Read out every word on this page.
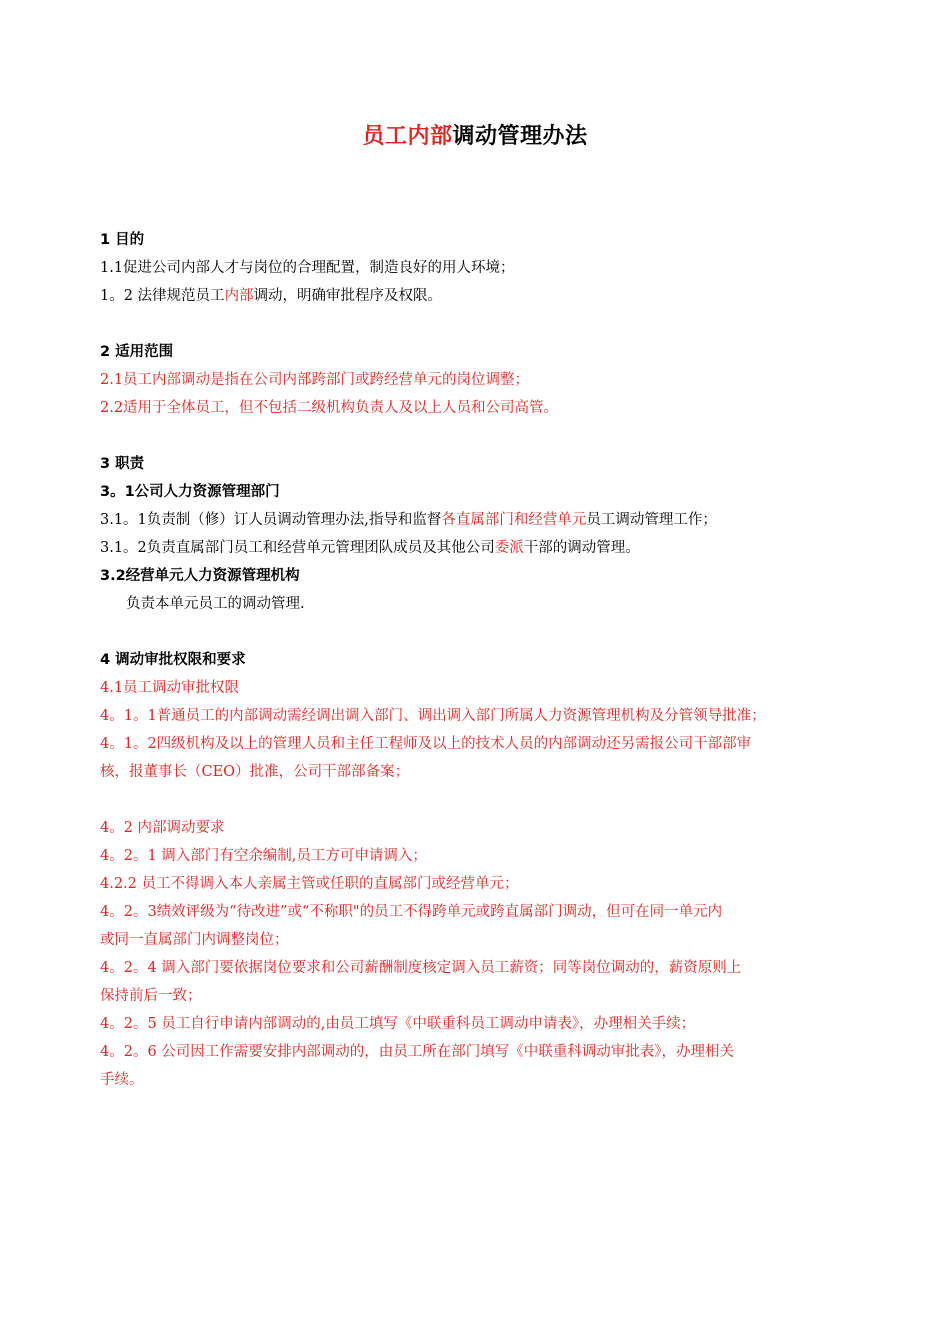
员工内部调动管理办法

1 目的

1.1促进公司内部人才与岗位的合理配置，制造良好的用人环境；

1。2 法律规范员工内部调动，明确审批程序及权限。

2 适用范围

2.1员工内部调动是指在公司内部跨部门或跨经营单元的岗位调整；

2.2适用于全体员工，但不包括二级机构负责人及以上人员和公司高管。

3 职责

3。1公司人力资源管理部门

3.1。1负责制（修）订人员调动管理办法,指导和监督各直属部门和经营单元员工调动管理工作；

3.1。2负责直属部门员工和经营单元管理团队成员及其他公司委派干部的调动管理。

3.2经营单元人力资源管理机构

负责本单元员工的调动管理.

4 调动审批权限和要求

4.1员工调动审批权限

4。1。1普通员工的内部调动需经调出调入部门、调出调入部门所属人力资源管理机构及分管领导批准；

4。1。2四级机构及以上的管理人员和主任工程师及以上的技术人员的内部调动还另需报公司干部部审

核，报董事长（CEO）批准，公司干部部备案；

4。2 内部调动要求

4。2。1 调入部门有空余编制,员工方可申请调入；

4.2.2 员工不得调入本人亲属主管或任职的直属部门或经营单元；

4。2。3绩效评级为“待改进”或“不称职"的员工不得跨单元或跨直属部门调动，但可在同一单元内

或同一直属部门内调整岗位；

4。2。4 调入部门要依据岗位要求和公司薪酬制度核定调入员工薪资；同等岗位调动的，薪资原则上

保持前后一致；

4。2。5 员工自行申请内部调动的,由员工填写《中联重科员工调动申请表》，办理相关手续；

4。2。6 公司因工作需要安排内部调动的，由员工所在部门填写《中联重科调动审批表》，办理相关

手续。
